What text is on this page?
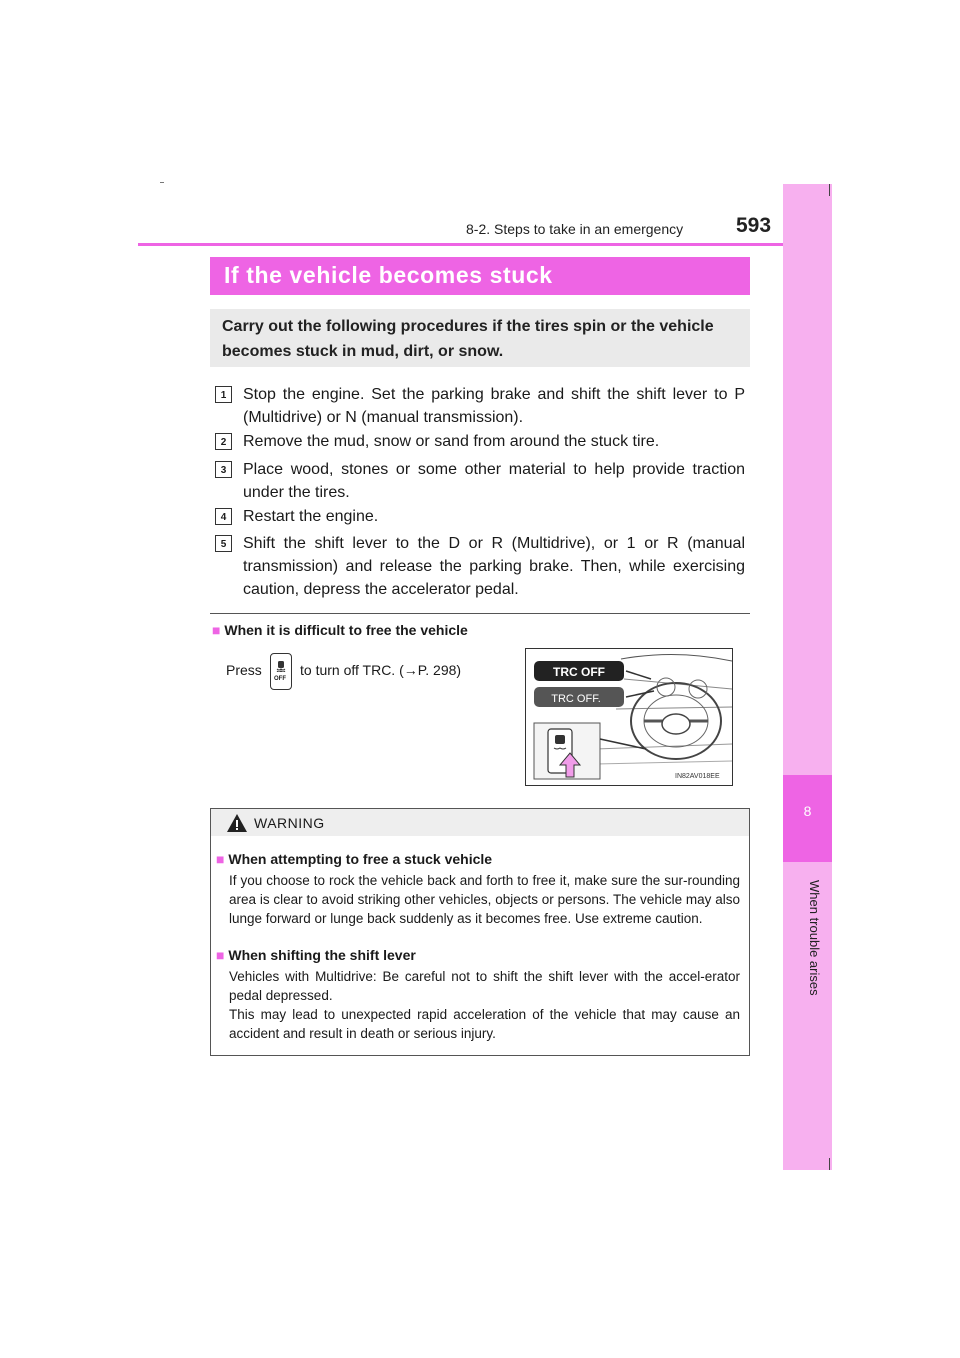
8
When trouble arises
8-2. Steps to take in an emergency	593
If the vehicle becomes stuck
Carry out the following procedures if the tires spin or the vehicle becomes stuck in mud, dirt, or snow.
1	Stop the engine. Set the parking brake and shift the shift lever to P (Multidrive) or N (manual transmission).
2	Remove the mud, snow or sand from around the stuck tire.
3	Place wood, stones or some other material to help provide traction under the tires.
4	Restart the engine.
5	Shift the shift lever to the D or R (Multidrive), or 1 or R (manual transmission) and release the parking brake. Then, while exercising caution, depress the accelerator pedal.
■ When it is difficult to free the vehicle
Press
OFF
to turn off TRC. (→P. 298)	TRC OFF
TRC OFF.
IN82AV018EE
WARNING
■ When attempting to free a stuck vehicle
If you choose to rock the vehicle back and forth to free it, make sure the sur-rounding area is clear to avoid striking other vehicles, objects or persons. The vehicle may also lunge forward or lunge back suddenly as it becomes free. Use extreme caution.
■ When shifting the shift lever
Vehicles with Multidrive: Be careful not to shift the shift lever with the accel-erator pedal depressed.
This may lead to unexpected rapid acceleration of the vehicle that may cause an accident and result in death or serious injury.
